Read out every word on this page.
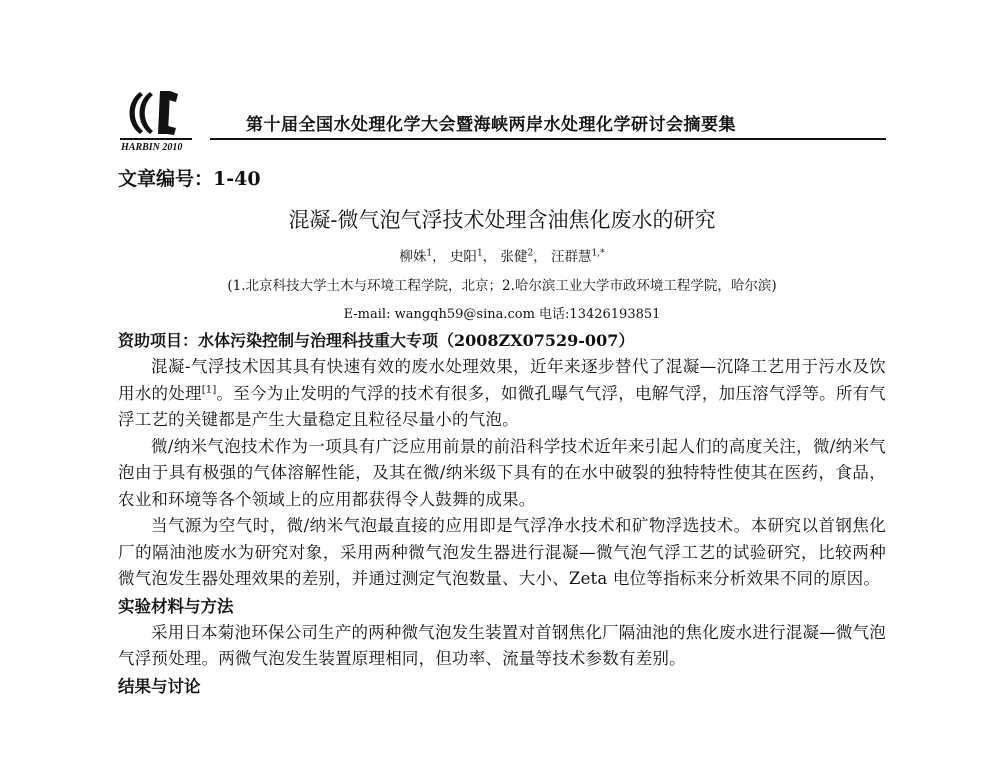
HARBIN 2010
第十届全国水处理化学大会暨海峡两岸水处理化学研讨会摘要集
文章编号：1-40
混凝-微气泡气浮技术处理含油焦化废水的研究
柳姝$^1$， 史阳$^1$， 张健$^2$， 汪群慧$^{1,*}$
(1.北京科技大学土木与环境工程学院，北京；2.哈尔滨工业大学市政环境工程学院，哈尔滨)
E-mail: wangqh59@sina.com 电话:13426193851
资助项目：水体污染控制与治理科技重大专项（2008ZX07529-007）

混凝-气浮技术因其具有快速有效的废水处理效果，近年来逐步替代了混凝—沉降工艺用于污水及饮用水的处理[1]。至今为止发明的气浮的技术有很多，如微孔曝气气浮，电解气浮，加压溶气浮等。所有气浮工艺的关键都是产生大量稳定且粒径尽量小的气泡。

微/纳米气泡技术作为一项具有广泛应用前景的前沿科学技术近年来引起人们的高度关注，微/纳米气泡由于具有极强的气体溶解性能，及其在微/纳米级下具有的在水中破裂的独特特性使其在医药，食品，农业和环境等各个领域上的应用都获得令人鼓舞的成果。

当气源为空气时，微/纳米气泡最直接的应用即是气浮净水技术和矿物浮选技术。本研究以首钢焦化厂的隔油池废水为研究对象，采用两种微气泡发生器进行混凝—微气泡气浮工艺的试验研究，比较两种微气泡发生器处理效果的差别，并通过测定气泡数量、大小、Zeta 电位等指标来分析效果不同的原因。

实验材料与方法

采用日本菊池环保公司生产的两种微气泡发生装置对首钢焦化厂隔油池的焦化废水进行混凝—微气泡气浮预处理。两微气泡发生装置原理相同，但功率、流量等技术参数有差别。

结果与讨论
